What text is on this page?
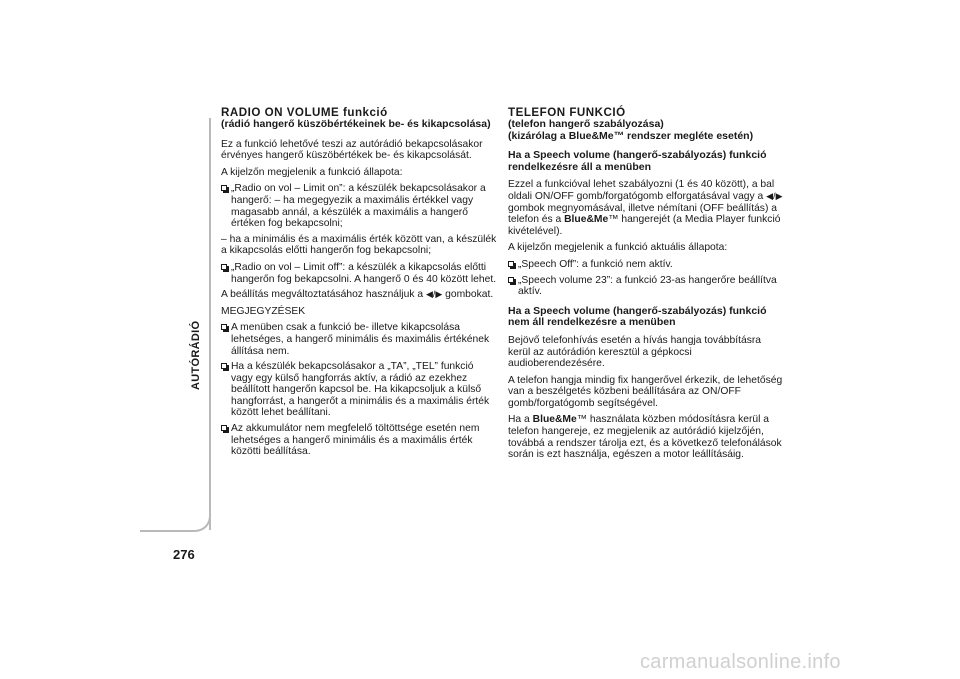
AUTÓRÁDIÓ
276
RADIO ON VOLUME funkció
(rádió hangerő küszöbértékeinek be- és kikapcsolása)

Ez a funkció lehetővé teszi az autórádió bekapcsolásakor érvényes hangerő küszöbértékek be- és kikapcsolását.

A kijelzőn megjelenik a funkció állapota:

„Radio on vol – Limit on”: a készülék bekapcsolásakor a hangerő: – ha megegyezik a maximális értékkel vagy magasabb annál, a készülék a maximális a hangerő értéken fog bekapcsolni;

– ha a minimális és a maximális érték között van, a készülék a kikapcsolás előtti hangerőn fog bekapcsolni;

„Radio on vol – Limit off”: a készülék a kikapcsolás előtti hangerőn fog bekapcsolni. A hangerő 0 és 40 között lehet.

A beállítás megváltoztatásához használjuk a ◀/▶ gombokat.

MEGJEGYZÉSEK

A menüben csak a funkció be- illetve kikapcsolása lehetséges, a hangerő minimális és maximális értékének állítása nem.
Ha a készülék bekapcsolásakor a „TA”, „TEL” funkció vagy egy külső hangforrás aktív, a rádió az ezekhez beállított hangerőn kapcsol be. Ha kikapcsoljuk a külső hangforrást, a hangerőt a minimális és a maximális érték között lehet beállítani.
Az akkumulátor nem megfelelő töltöttsége esetén nem lehetséges a hangerő minimális és a maximális érték közötti beállítása.
TELEFON FUNKCIÓ
(telefon hangerő szabályozása)
(kizárólag a Blue&Me™ rendszer megléte esetén)
Ha a Speech volume (hangerő-szabályozás) funkció rendelkezésre áll a menüben

Ezzel a funkcióval lehet szabályozni (1 és 40 között), a bal oldali ON/OFF gomb/forgatógomb elforgatásával vagy a ◀/▶ gombok megnyomásával, illetve némítani (OFF beállítás) a telefon és a Blue&Me™ hangerejét (a Media Player funkció kivételével).

A kijelzőn megjelenik a funkció aktuális állapota:

„Speech Off”: a funkció nem aktív.
„Speech volume 23”: a funkció 23-as hangerőre beállítva aktív.
Ha a Speech volume (hangerő-szabályozás) funkció nem áll rendelkezésre a menüben

Bejövő telefonhívás esetén a hívás hangja továbbításra kerül az autórádión keresztül a gépkocsi audioberendezésére.

A telefon hangja mindig fix hangerővel érkezik, de lehetőség van a beszélgetés közbeni beállítására az ON/OFF gomb/forgatógomb segítségével.

Ha a Blue&Me™ használata közben módosításra kerül a telefon hangereje, ez megjelenik az autórádió kijelzőjén, továbbá a rendszer tárolja ezt, és a következő telefonálások során is ezt használja, egészen a motor leállításáig.

carmanualsonline.info
